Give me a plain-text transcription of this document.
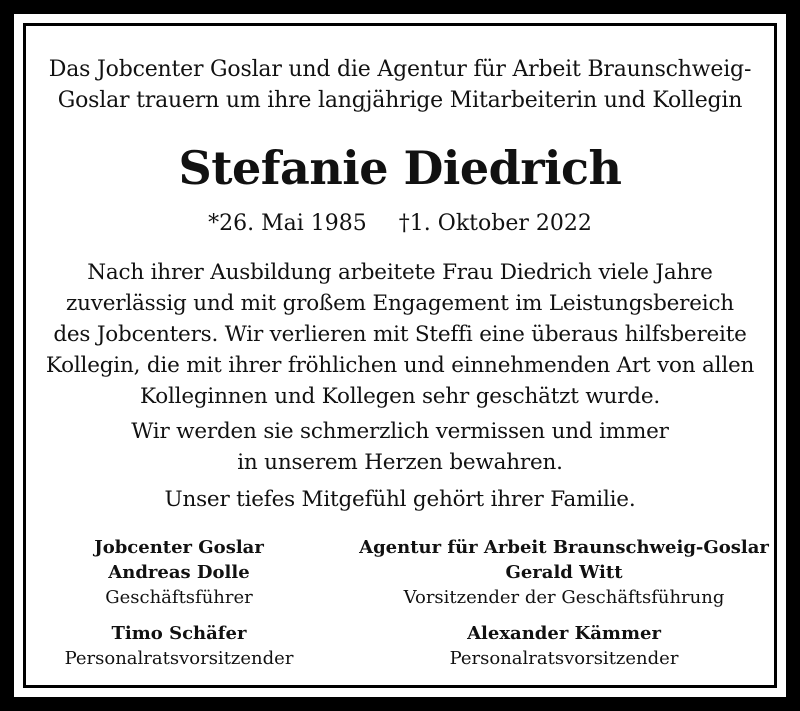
Das Jobcenter Goslar und die Agentur für Arbeit Braunschweig-
Goslar trauern um ihre langjährige Mitarbeiterin und Kollegin
Stefanie Diedrich
*26. Mai 1985 †1. Oktober 2022
Nach ihrer Ausbildung arbeitete Frau Diedrich viele Jahre
zuverlässig und mit großem Engagement im Leistungsbereich
des Jobcenters. Wir verlieren mit Steffi eine überaus hilfsbereite
Kollegin, die mit ihrer fröhlichen und einnehmenden Art von allen
Kolleginnen und Kollegen sehr geschätzt wurde.
Wir werden sie schmerzlich vermissen und immer
in unserem Herzen bewahren.
Unser tiefes Mitgefühl gehört ihrer Familie.
Jobcenter Goslar
Andreas Dolle
Geschäftsführer
Agentur für Arbeit Braunschweig-Goslar
Gerald Witt
Vorsitzender der Geschäftsführung
Timo Schäfer
Personalratsvorsitzender
Alexander Kämmer
Personalratsvorsitzender
